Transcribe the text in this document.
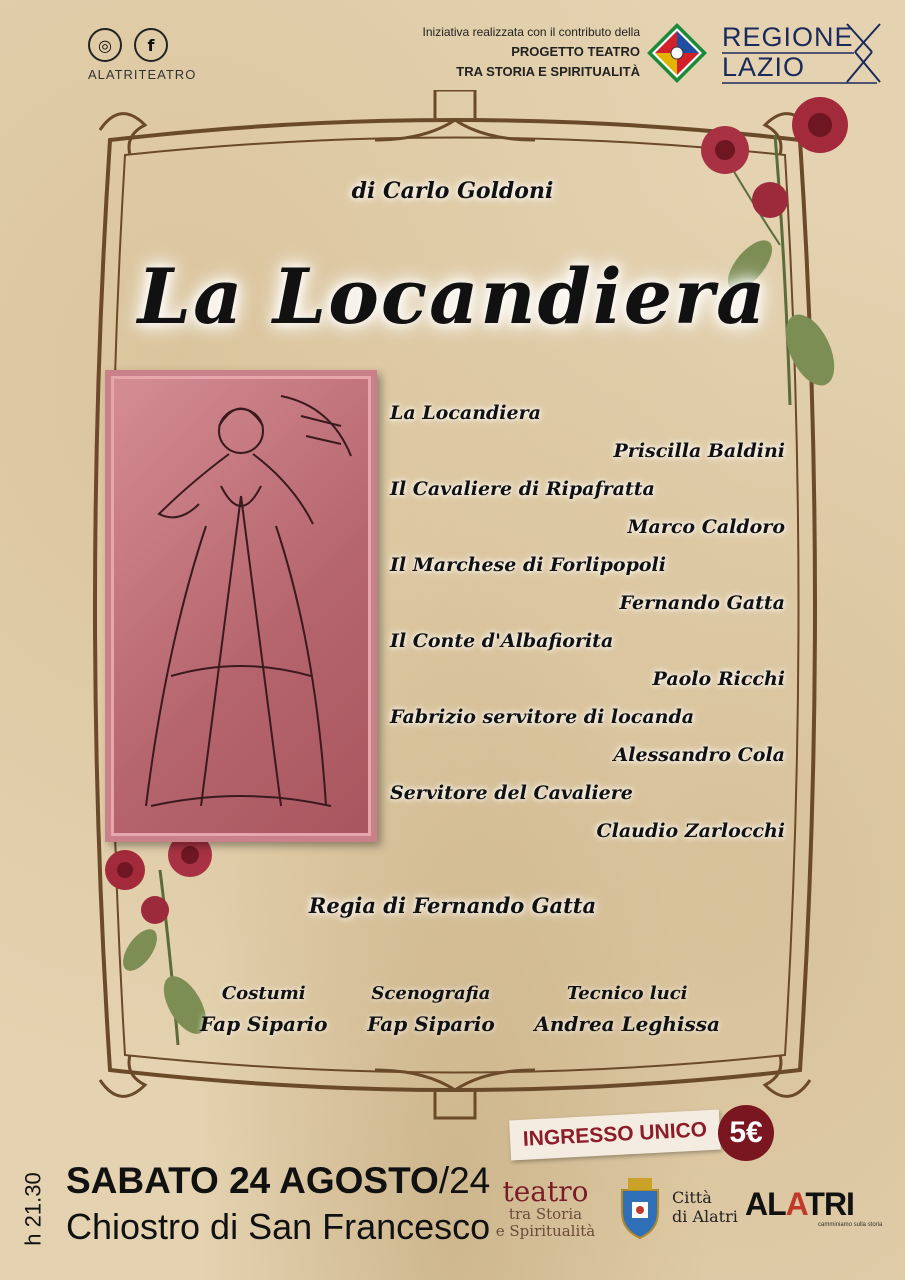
◎	f
ALATRITEATRO
Iniziativa realizzata con il contributo della
PROGETTO TEATRO
TRA STORIA E SPIRITUALITÀ
REGIONE
LAZIO
di Carlo Goldoni
La Locandiera
La Locandiera
Priscilla Baldini
Il Cavaliere di Ripafratta
Marco Caldoro
Il Marchese di Forlipopoli
Fernando Gatta
Il Conte d'Albafiorita
Paolo Ricchi
Fabrizio servitore di locanda
Alessandro Cola
Servitore del Cavaliere
Claudio Zarlocchi
Regia di Fernando Gatta
Costumi
Fap Sipario
Scenografia
Fap Sipario
Tecnico luci
Andrea Leghissa
INGRESSO UNICO 5€
h 21.30 SABATO 24 AGOSTO/24
Chiostro di San Francesco
teatro
tra Storia
e Spiritualità
Città
di Alatri ALATRI
camminiamo sulla storia
